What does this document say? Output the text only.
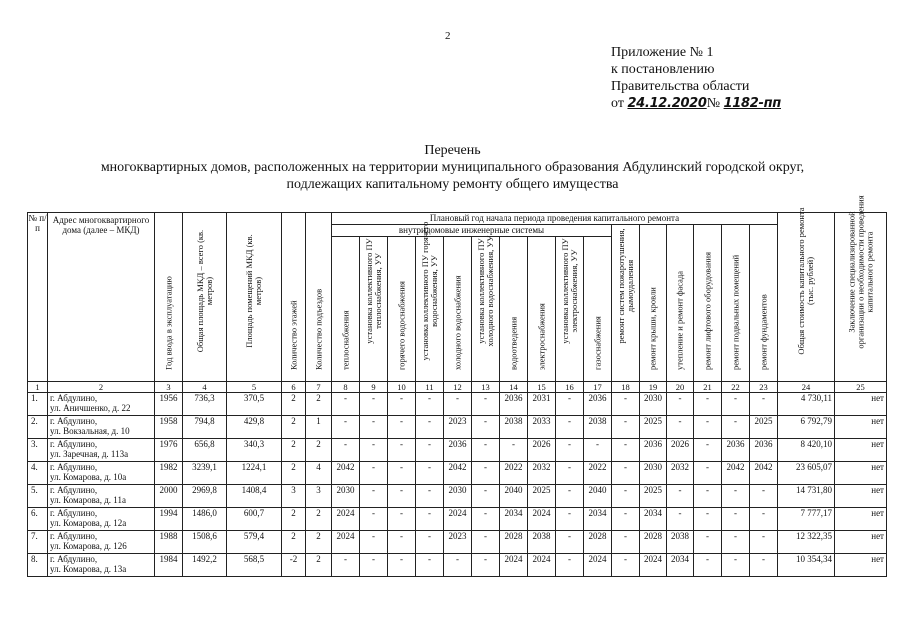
2
Приложение № 1
к постановлению
Правительства области
от 24.12.2020№ 1182-пп
Перечень
многоквартирных домов, расположенных на территории муниципального образования Абдулинский городской округ,
подлежащих капитальному ремонту общего имущества
№ п/п	Адрес многоквартирного дома (далее – МКД)	Год ввода в эксплуатацию	Общая площадь МКД – всего (кв. метров)	Площадь помещений МКД (кв. метров)	Количество этажей	Количество подъездов	Плановый год начала периода проведения капитального ремонта																Общая стоимость капитального ремонта (тыс. рублей)	Заключение специализированной организации о необходимости проведения капитального ремонта

							внутридомовые инженерные системы										ремонт систем пожаротушения, дымоудаления	ремонт крыши, кровли	утепление и ремонт фасада	ремонт лифтового оборудования	ремонт подвальных помещений	ремонт фундаментов		

							теплоснабжения	установка коллективного ПУ теплоснабжения, УУ	горячего водоснабжения	установка коллективного ПУ горячего водоснабжения, УУ	холодного водоснабжения	установка коллективного ПУ холодного водоснабжения, УУ	водоотведения	электроснабжения	установка коллективного ПУ электроснабжения, УУ	газоснабжения								

1	2	3	4	5	6	7	8	9	10	11	12	13	14	15	16	17	18	19	20	21	22	23	24	25
1.	г. Абдулино,
ул. Аничшенко, д. 22	1956	736,3	370,5	2	2	-	-	-	-	-	-	2036	2031	-	2036	-	2030	-	-	-	-	4 730,11	нет
2.	г. Абдулино,
ул. Вокзальная, д. 10	1958	794,8	429,8	2	1	-	-	-	-	2023	-	2038	2033	-	2038	-	2025	-	-	-	2025	6 792,79	нет
3.	г. Абдулино,
ул. Заречная, д. 113а	1976	656,8	340,3	2	2	-	-	-	-	2036	-	-	2026	-	-	-	2036	2026	-	2036	2036	8 420,10	нет
4.	г. Абдулино,
ул. Комарова, д. 10а	1982	3239,1	1224,1	2	4	2042	-	-	-	2042	-	2022	2032	-	2022	-	2030	2032	-	2042	2042	23 605,07	нет
5.	г. Абдулино,
ул. Комарова, д. 11а	2000	2969,8	1408,4	3	3	2030	-	-	-	2030	-	2040	2025	-	2040	-	2025	-	-	-	-	14 731,80	нет
6.	г. Абдулино,
ул. Комарова, д. 12а	1994	1486,0	600,7	2	2	2024	-	-	-	2024	-	2034	2024	-	2034	-	2034	-	-	-	-	7 777,17	нет
7.	г. Абдулино,
ул. Комарова, д. 126	1988	1508,6	579,4	2	2	2024	-	-	-	2023	-	2028	2038	-	2028	-	2028	2038	-	-	-	12 322,35	нет
8.	г. Абдулино,
ул. Комарова, д. 13а	1984	1492,2	568,5	-2	2	-	-	-	-	-	-	2024	2024	-	2024	-	2024	2034	-	-	-	10 354,34	нет
